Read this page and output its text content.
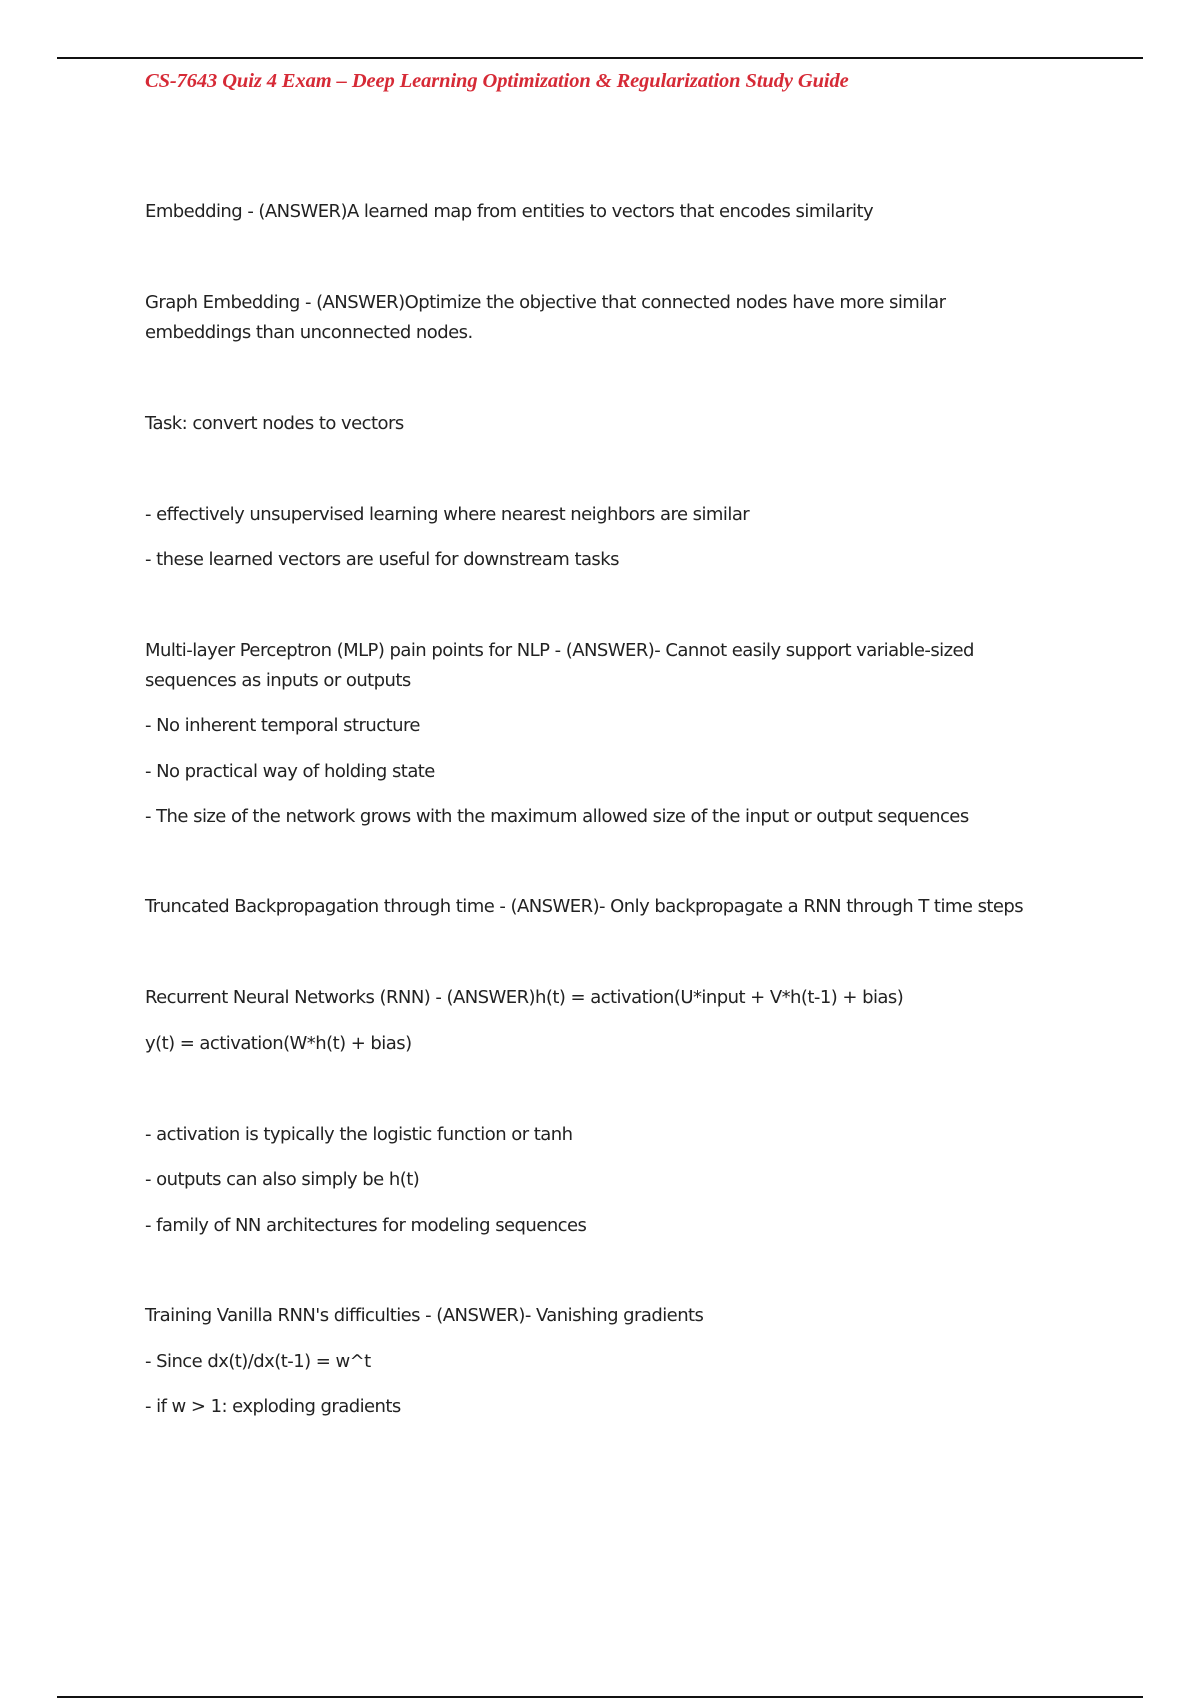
CS-7643 Quiz 4 Exam – Deep Learning Optimization & Regularization Study Guide
Embedding - (ANSWER)A learned map from entities to vectors that encodes similarity
Graph Embedding - (ANSWER)Optimize the objective that connected nodes have more similar
embeddings than unconnected nodes.
Task: convert nodes to vectors
- effectively unsupervised learning where nearest neighbors are similar
- these learned vectors are useful for downstream tasks
Multi-layer Perceptron (MLP) pain points for NLP - (ANSWER)- Cannot easily support variable-sized
sequences as inputs or outputs
- No inherent temporal structure
- No practical way of holding state
- The size of the network grows with the maximum allowed size of the input or output sequences
Truncated Backpropagation through time - (ANSWER)- Only backpropagate a RNN through T time steps
Recurrent Neural Networks (RNN) - (ANSWER)h(t) = activation(U*input + V*h(t-1) + bias)
y(t) = activation(W*h(t) + bias)
- activation is typically the logistic function or tanh
- outputs can also simply be h(t)
- family of NN architectures for modeling sequences
Training Vanilla RNN's difficulties - (ANSWER)- Vanishing gradients
- Since dx(t)/dx(t-1) = w^t
- if w > 1: exploding gradients
